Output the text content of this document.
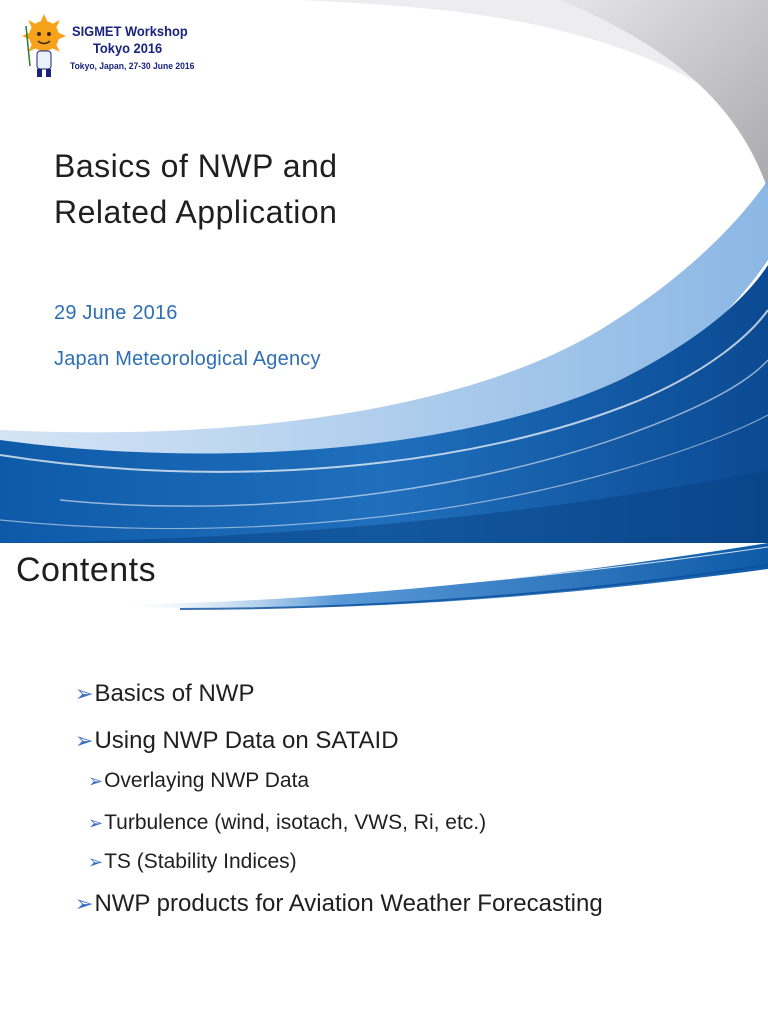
SIGMET Workshop
Tokyo 2016
Tokyo, Japan, 27-30 June 2016
Basics of NWP and
Related Application
29 June 2016
Japan Meteorological Agency
Contents
➢Basics of NWP
➢Using NWP Data on SATAID
➢Overlaying NWP Data
➢Turbulence (wind, isotach, VWS, Ri, etc.)
➢TS (Stability Indices)
➢NWP products for Aviation Weather Forecasting
